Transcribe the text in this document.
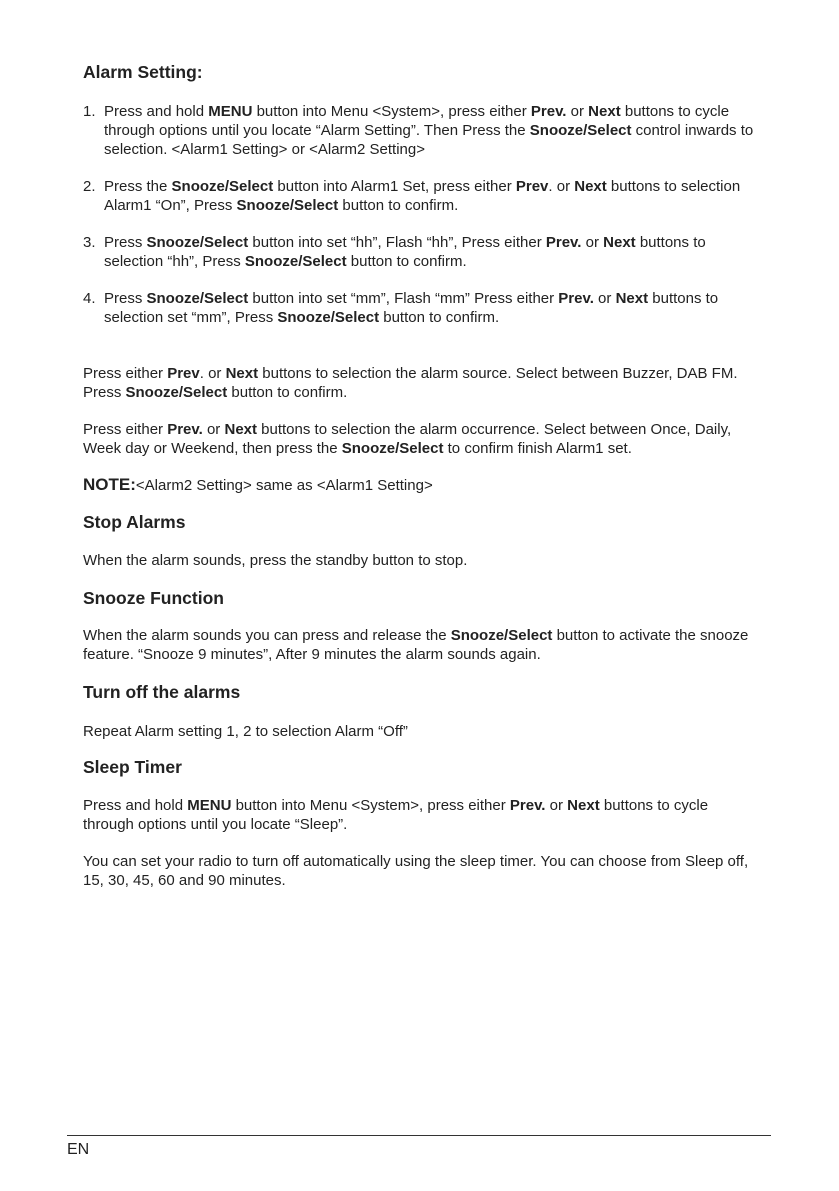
Alarm Setting:
1. Press and hold MENU button into Menu <System>, press either Prev. or Next buttons to cycle through options until you locate “Alarm Setting”. Then Press the Snooze/Select control inwards to selection. <Alarm1 Setting> or <Alarm2 Setting>
2. Press the Snooze/Select button into Alarm1 Set, press either Prev. or Next buttons to selection Alarm1 “On”, Press Snooze/Select button to confirm.
3. Press Snooze/Select button into set “hh”, Flash “hh”, Press either Prev. or Next buttons to selection “hh”, Press Snooze/Select button to confirm.
4. Press Snooze/Select button into set “mm”, Flash “mm” Press either Prev. or Next buttons to selection set “mm”, Press Snooze/Select button to confirm.

Press either Prev. or Next buttons to selection the alarm source. Select between Buzzer, DAB FM. Press Snooze/Select button to confirm.

Press either Prev. or Next buttons to selection the alarm occurrence. Select between Once, Daily, Week day or Weekend, then press the Snooze/Select to confirm finish Alarm1 set.

NOTE:<Alarm2 Setting> same as <Alarm1 Setting>

Stop Alarms

When the alarm sounds, press the standby button to stop.

Snooze Function

When the alarm sounds you can press and release the Snooze/Select button to activate the snooze feature. “Snooze 9 minutes”, After 9 minutes the alarm sounds again.

Turn off the alarms

Repeat Alarm setting 1, 2 to selection Alarm “Off”

Sleep Timer

Press and hold MENU button into Menu <System>, press either Prev. or Next buttons to cycle through options until you locate “Sleep”.

You can set your radio to turn off automatically using the sleep timer. You can choose from Sleep off, 15, 30, 45, 60 and 90 minutes.

EN
